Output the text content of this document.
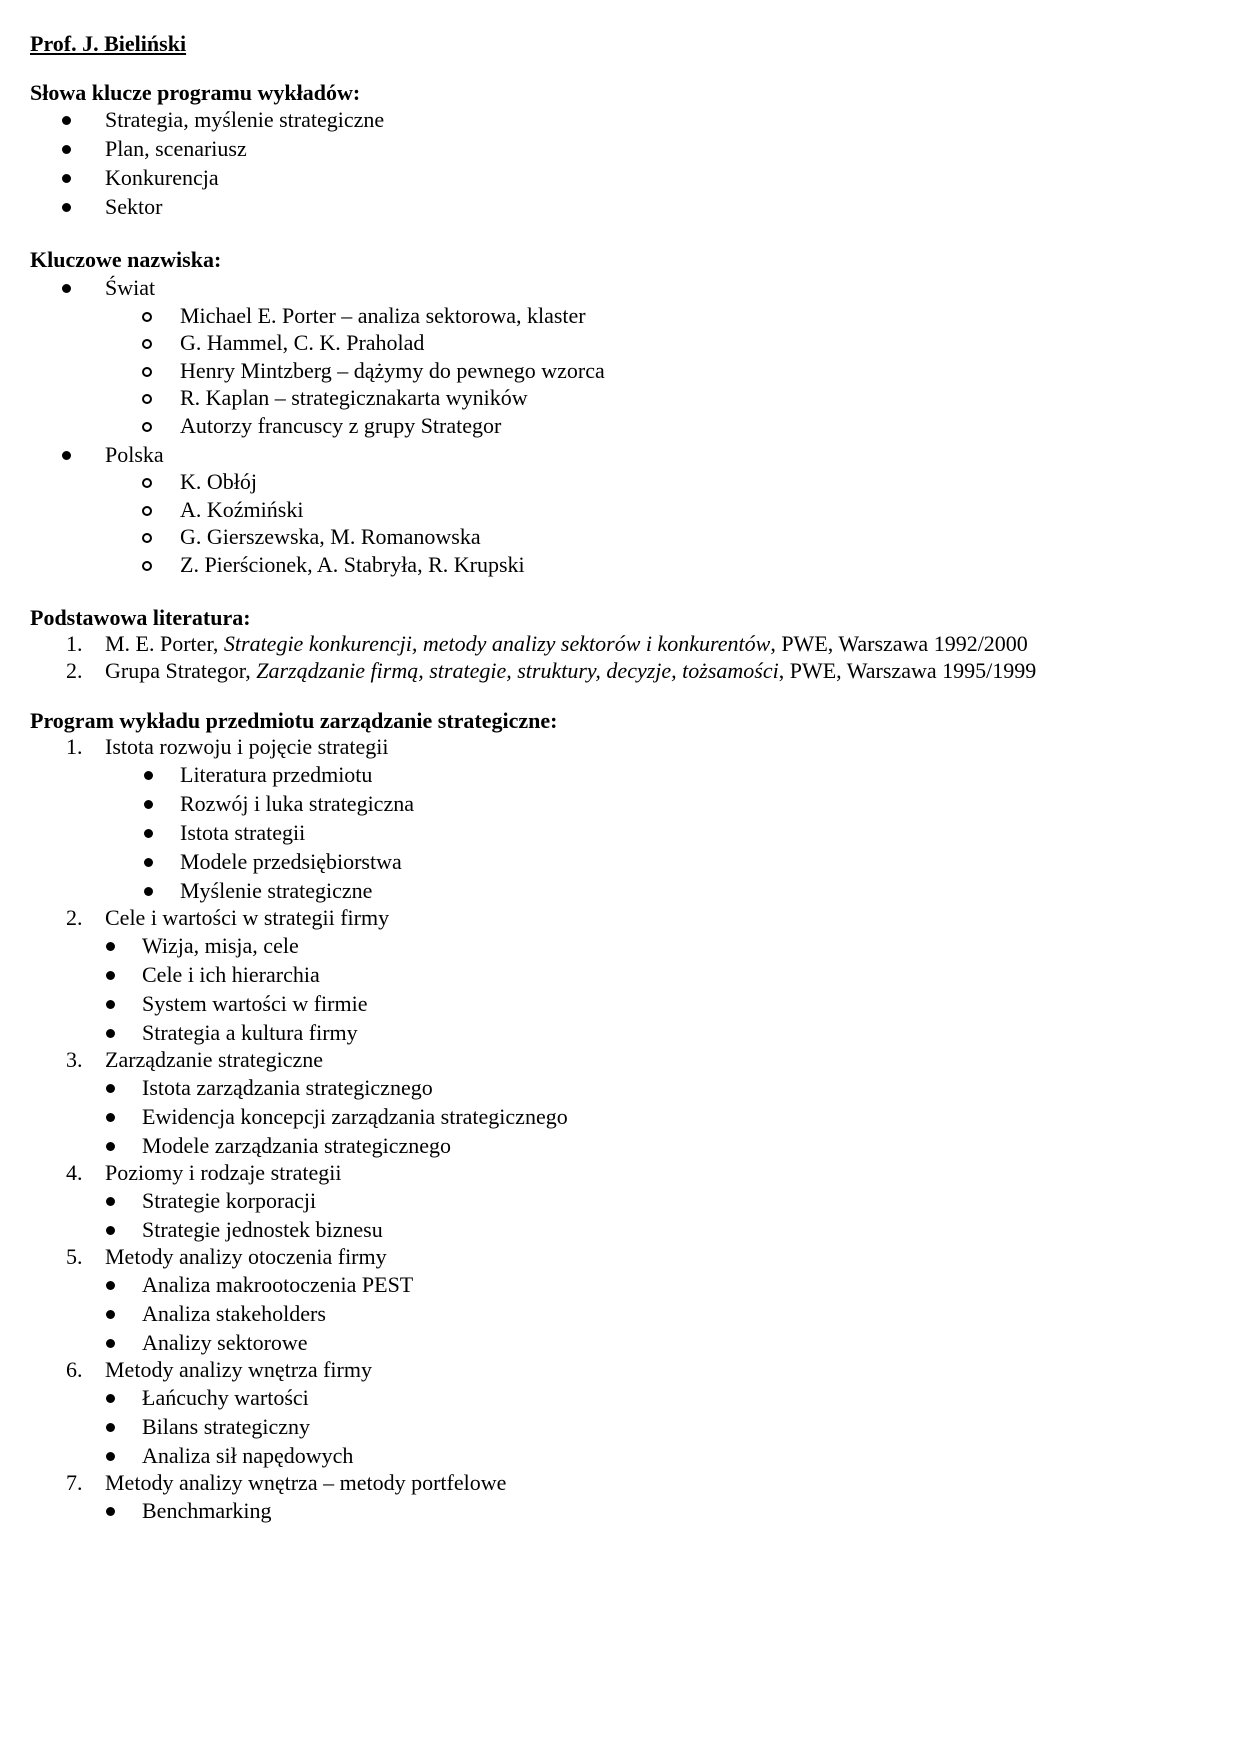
Prof. J. Bieliński
Słowa klucze programu wykładów:
Strategia, myślenie strategiczne
Plan, scenariusz
Konkurencja
Sektor
Kluczowe nazwiska:
Świat
Michael E. Porter – analiza sektorowa, klaster
G. Hammel, C. K. Praholad
Henry Mintzberg – dążymy do pewnego wzorca
R. Kaplan – strategicznakarta wyników
Autorzy francuscy z grupy Strategor
Polska
K. Obłój
A. Koźmiński
G. Gierszewska, M. Romanowska
Z. Pierścionek, A. Stabryła, R. Krupski
Podstawowa literatura:
1.	M. E. Porter, Strategie konkurencji, metody analizy sektorów i konkurentów, PWE, Warszawa 1992/2000
2.	Grupa Strategor, Zarządzanie firmą, strategie, struktury, decyzje, tożsamości, PWE, Warszawa 1995/1999
Program wykładu przedmiotu zarządzanie strategiczne:
1.	Istota rozwoju i pojęcie strategii
Literatura przedmiotu
Rozwój i luka strategiczna
Istota strategii
Modele przedsiębiorstwa
Myślenie strategiczne
2.	Cele i wartości w strategii firmy
Wizja, misja, cele
Cele i ich hierarchia
System wartości w firmie
Strategia a kultura firmy
3.	Zarządzanie strategiczne
Istota zarządzania strategicznego
Ewidencja koncepcji zarządzania strategicznego
Modele zarządzania strategicznego
4.	Poziomy i rodzaje strategii
Strategie korporacji
Strategie jednostek biznesu
5.	Metody analizy otoczenia firmy
Analiza makrootoczenia PEST
Analiza stakeholders
Analizy sektorowe
6.	Metody analizy wnętrza firmy
Łańcuchy wartości
Bilans strategiczny
Analiza sił napędowych
7.	Metody analizy wnętrza – metody portfelowe
Benchmarking
